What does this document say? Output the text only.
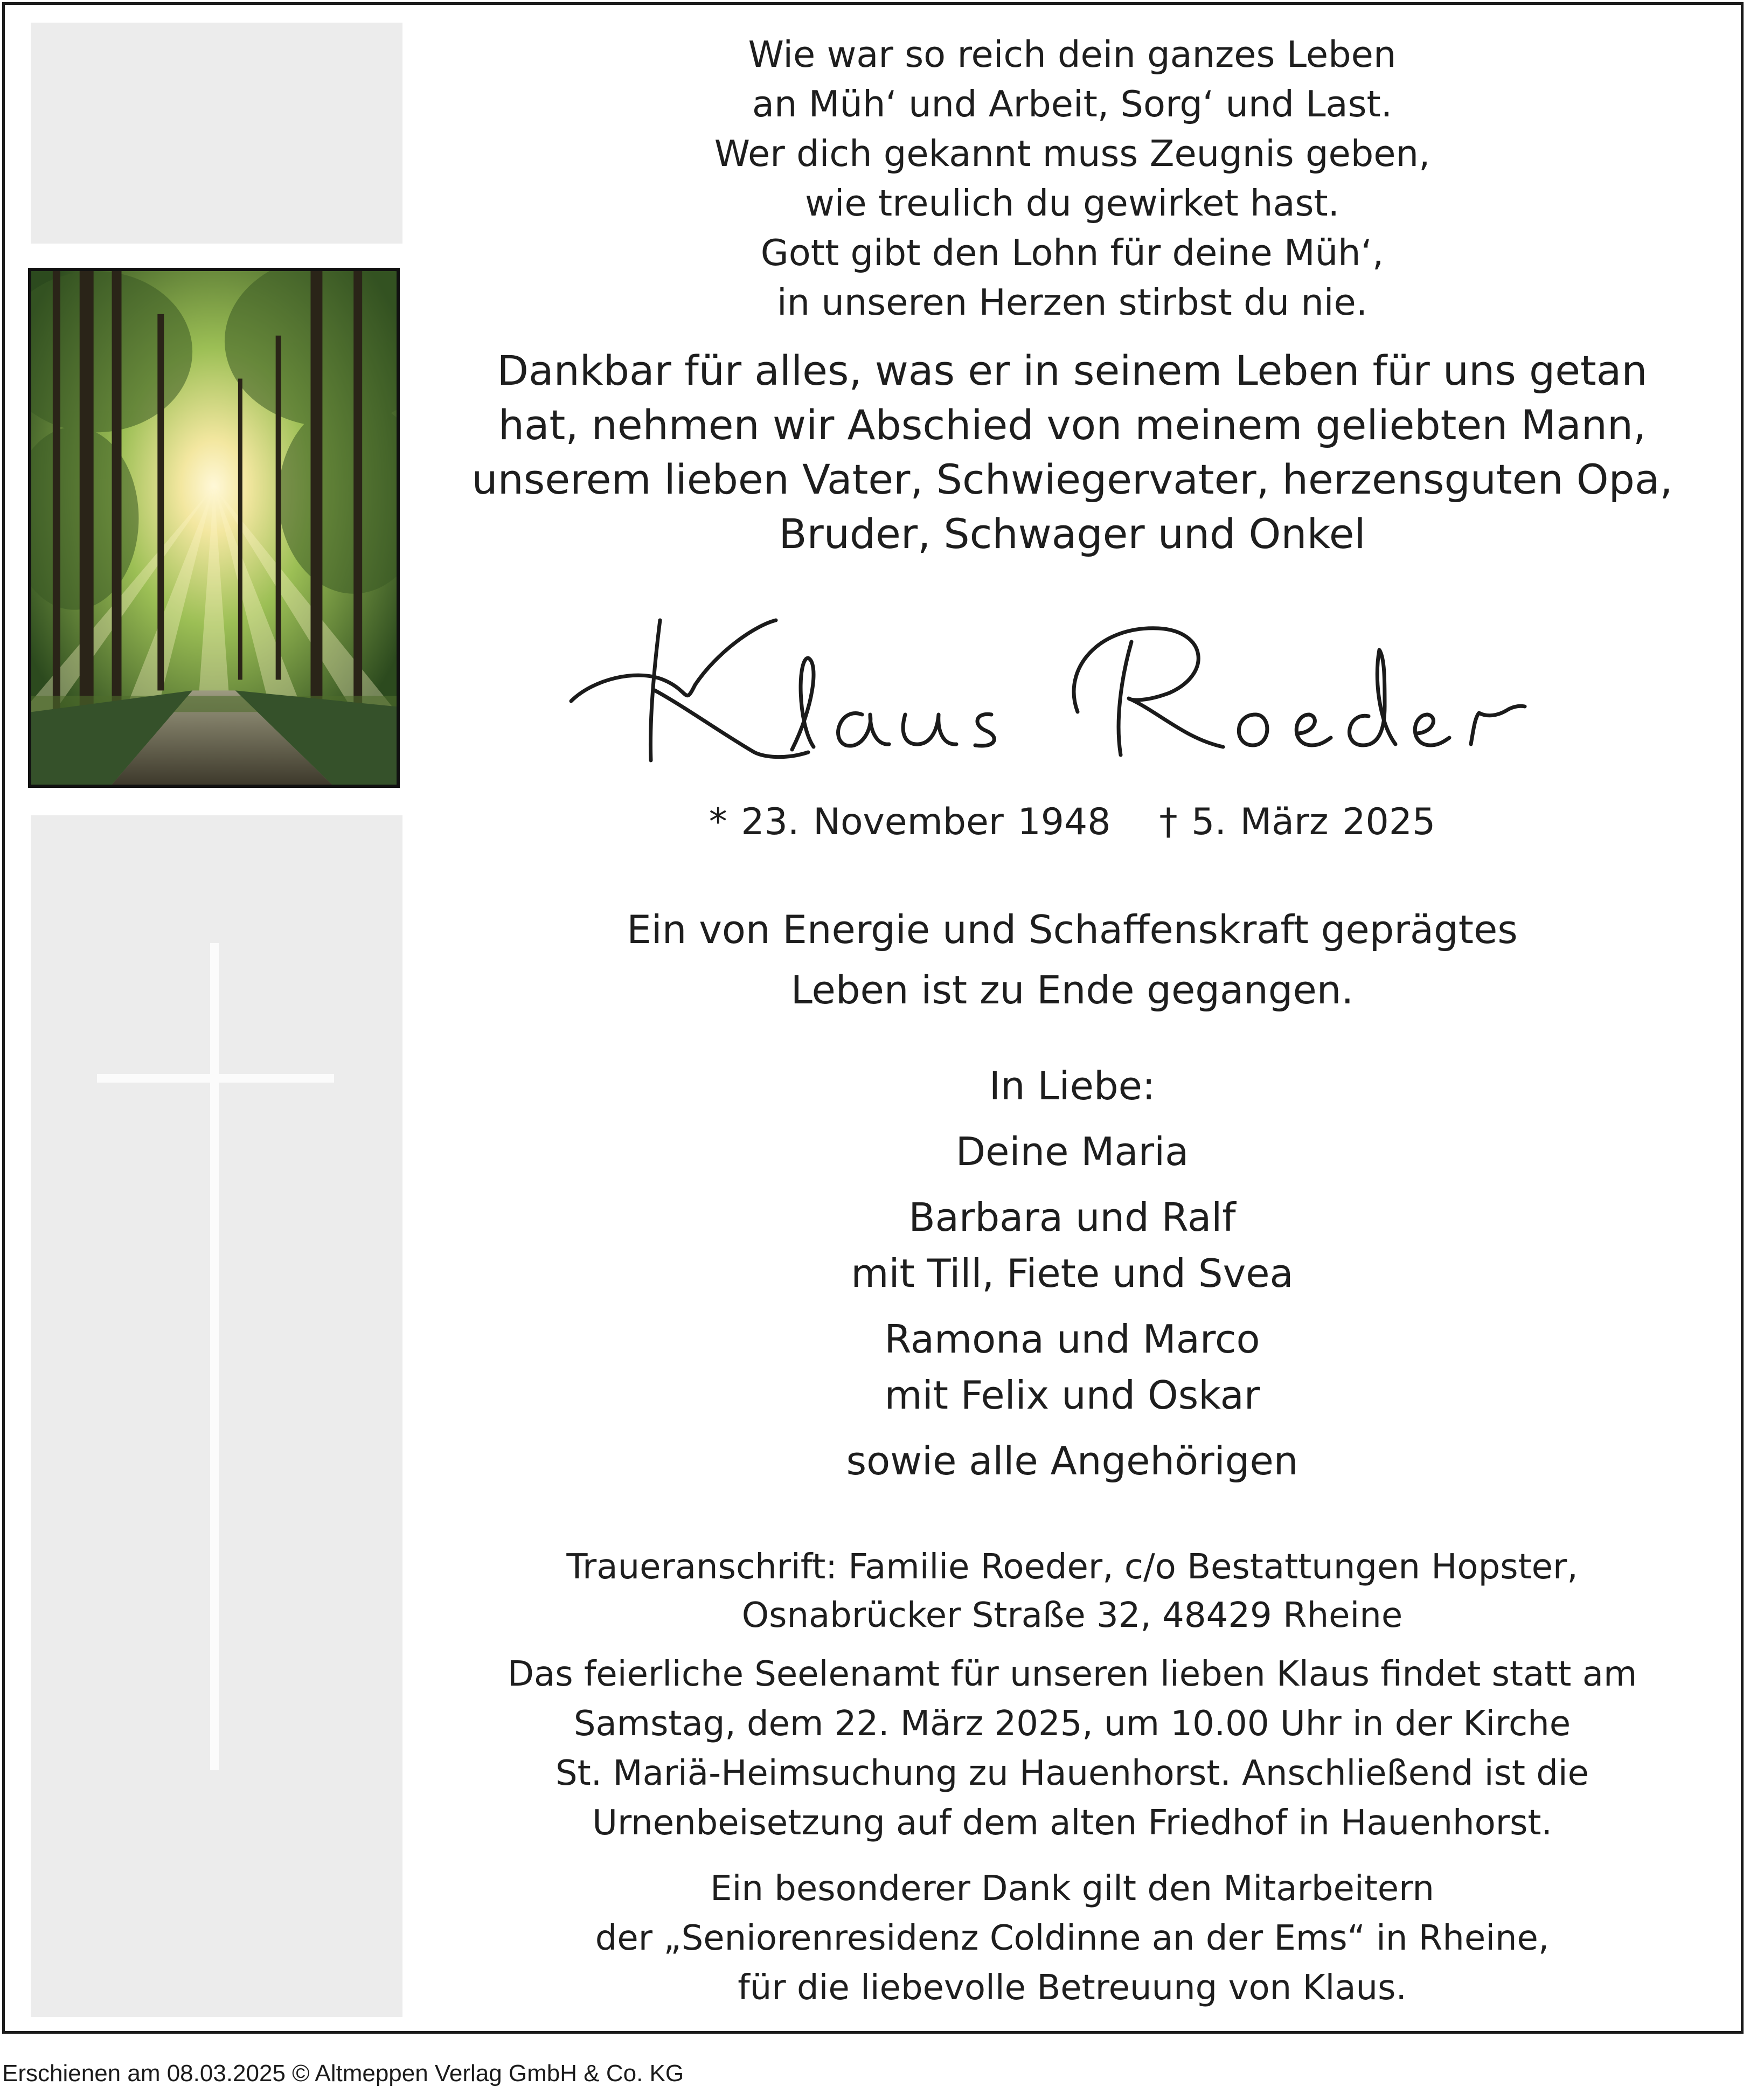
Wie war so reich dein ganzes Leben
an Müh‘ und Arbeit, Sorg‘ und Last.
Wer dich gekannt muss Zeugnis geben,
wie treulich du gewirket hast.
Gott gibt den Lohn für deine Müh‘,
in unseren Herzen stirbst du nie.
Dankbar für alles, was er in seinem Leben für uns getan
hat, nehmen wir Abschied von meinem geliebten Mann,
unserem lieben Vater, Schwiegervater, herzensguten Opa,
Bruder, Schwager und Onkel
* 23. November 1948 † 5. März 2025
Ein von Energie und Schaffenskraft geprägtes
Leben ist zu Ende gegangen.
In Liebe:
Deine Maria
Barbara und Ralf
mit Till, Fiete und Svea
Ramona und Marco
mit Felix und Oskar
sowie alle Angehörigen
Traueranschrift: Familie Roeder, c/o Bestattungen Hopster,
Osnabrücker Straße 32, 48429 Rheine
Das feierliche Seelenamt für unseren lieben Klaus findet statt am
Samstag, dem 22. März 2025, um 10.00 Uhr in der Kirche
St. Mariä-Heimsuchung zu Hauenhorst. Anschließend ist die
Urnenbeisetzung auf dem alten Friedhof in Hauenhorst.
Ein besonderer Dank gilt den Mitarbeitern
der „Seniorenresidenz Coldinne an der Ems“ in Rheine,
für die liebevolle Betreuung von Klaus.
Erschienen am 08.03.2025 © Altmeppen Verlag GmbH & Co. KG
